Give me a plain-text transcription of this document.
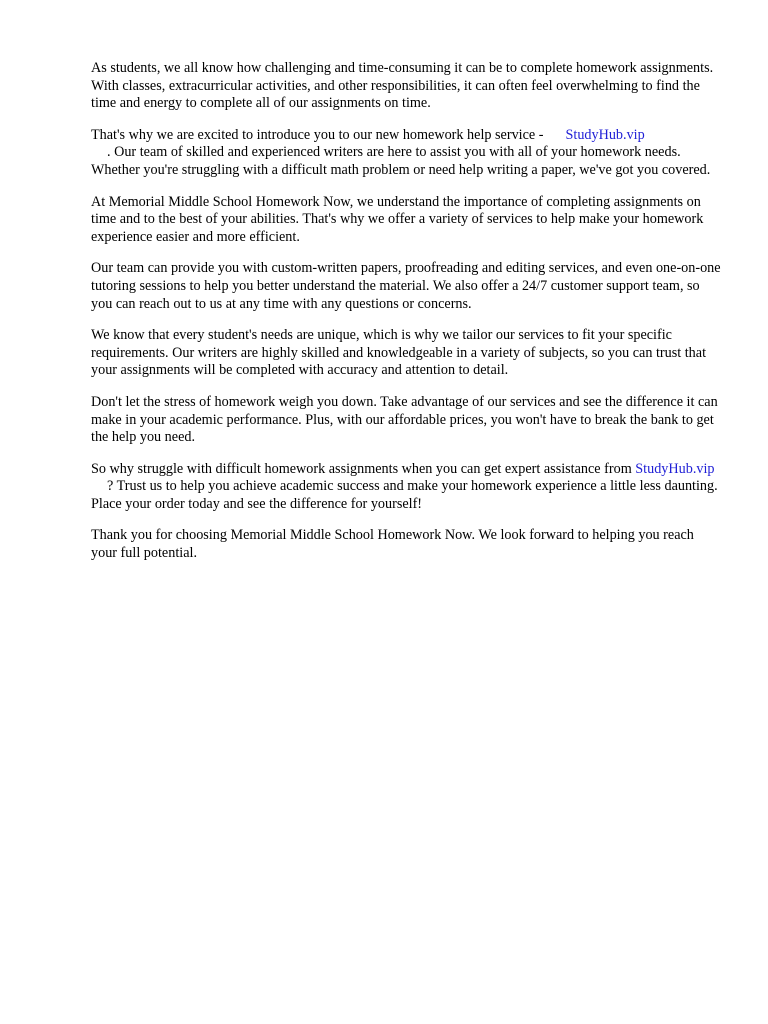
As students, we all know how challenging and time-consuming it can be to complete homework assignments. With classes, extracurricular activities, and other responsibilities, it can often feel overwhelming to find the time and energy to complete all of our assignments on time.

That's why we are excited to introduce you to our new homework help service - StudyHub.vip
. Our team of skilled and experienced writers are here to assist you with all of your homework needs. Whether you're struggling with a difficult math problem or need help writing a paper, we've got you covered.

At Memorial Middle School Homework Now, we understand the importance of completing assignments on time and to the best of your abilities. That's why we offer a variety of services to help make your homework experience easier and more efficient.

Our team can provide you with custom-written papers, proofreading and editing services, and even one-on-one tutoring sessions to help you better understand the material. We also offer a 24/7 customer support team, so you can reach out to us at any time with any questions or concerns.

We know that every student's needs are unique, which is why we tailor our services to fit your specific requirements. Our writers are highly skilled and knowledgeable in a variety of subjects, so you can trust that your assignments will be completed with accuracy and attention to detail.

Don't let the stress of homework weigh you down. Take advantage of our services and see the difference it can make in your academic performance. Plus, with our affordable prices, you won't have to break the bank to get the help you need.

So why struggle with difficult homework assignments when you can get expert assistance from StudyHub.vip? Trust us to help you achieve academic success and make your homework experience a little less daunting. Place your order today and see the difference for yourself!

Thank you for choosing Memorial Middle School Homework Now. We look forward to helping you reach your full potential.
